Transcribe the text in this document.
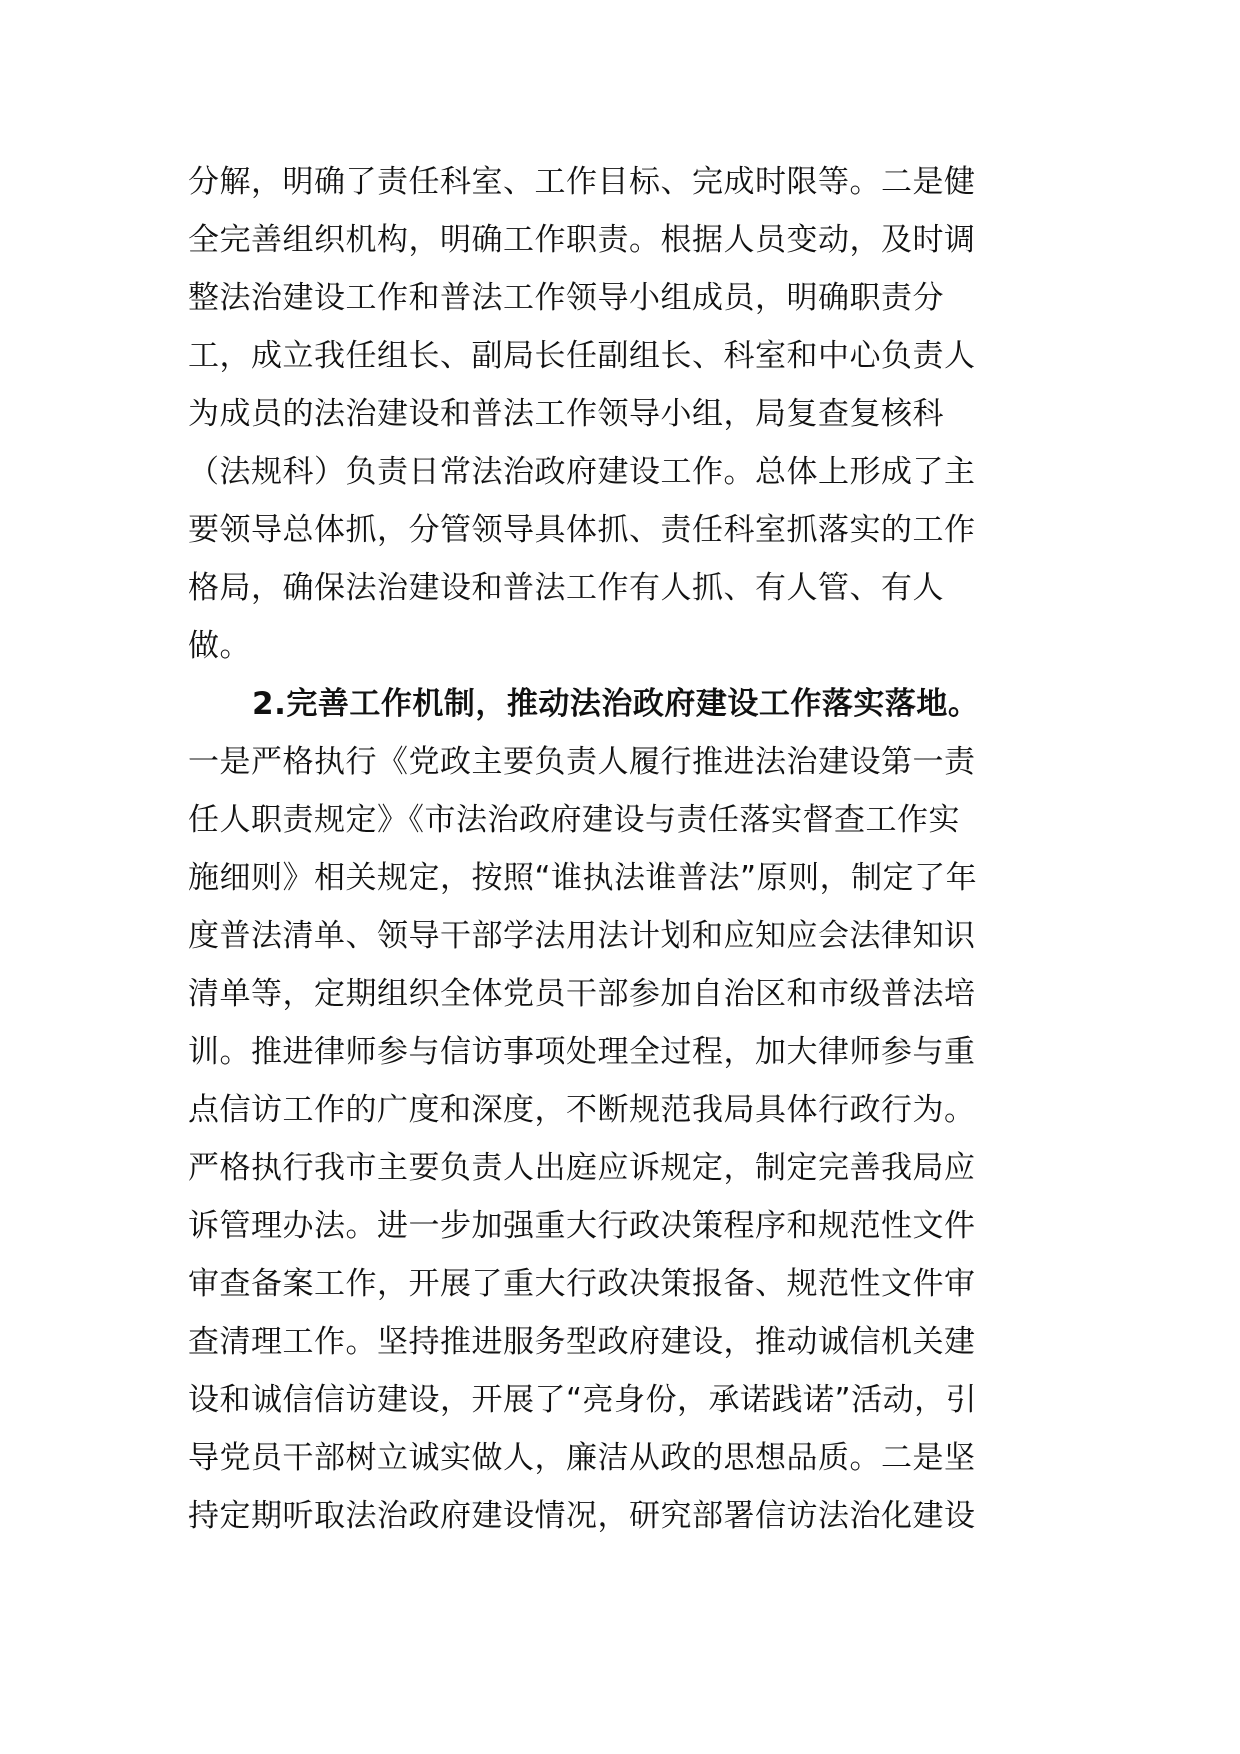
分解，明确了责任科室、工作目标、完成时限等。二是健
全完善组织机构，明确工作职责。根据人员变动，及时调
整法治建设工作和普法工作领导小组成员，明确职责分
工，成立我任组长、副局长任副组长、科室和中心负责人
为成员的法治建设和普法工作领导小组，局复查复核科
（法规科）负责日常法治政府建设工作。总体上形成了主
要领导总体抓，分管领导具体抓、责任科室抓落实的工作
格局，确保法治建设和普法工作有人抓、有人管、有人
做。
2.完善工作机制，推动法治政府建设工作落实落地。
一是严格执行《党政主要负责人履行推进法治建设第一责
任人职责规定》《市法治政府建设与责任落实督查工作实
施细则》相关规定，按照“谁执法谁普法”原则，制定了年
度普法清单、领导干部学法用法计划和应知应会法律知识
清单等，定期组织全体党员干部参加自治区和市级普法培
训。推进律师参与信访事项处理全过程，加大律师参与重
点信访工作的广度和深度，不断规范我局具体行政行为。
严格执行我市主要负责人出庭应诉规定，制定完善我局应
诉管理办法。进一步加强重大行政决策程序和规范性文件
审查备案工作，开展了重大行政决策报备、规范性文件审
查清理工作。坚持推进服务型政府建设，推动诚信机关建
设和诚信信访建设，开展了“亮身份，承诺践诺”活动，引
导党员干部树立诚实做人，廉洁从政的思想品质。二是坚
持定期听取法治政府建设情况，研究部署信访法治化建设
